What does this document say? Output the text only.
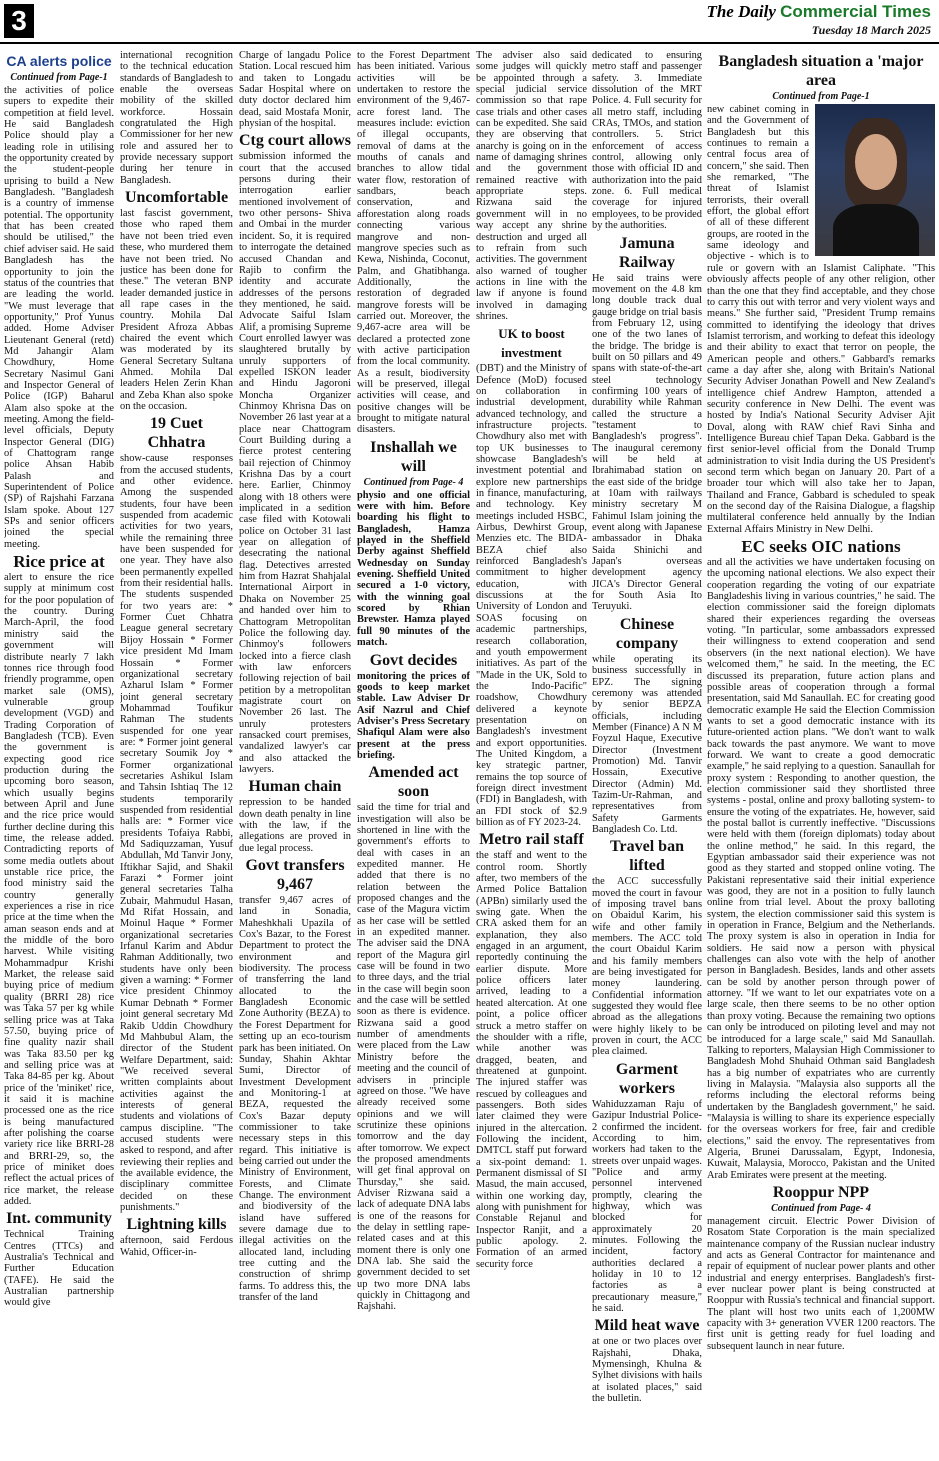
3	The Daily Commercial Times
Tuesday 18 March 2025
CA alerts police
Continued from Page-1

the activities of police supers to expedite their competition at field level. He said Bangladesh Police should play a leading role in utilising the opportunity created by the student-people uprising to build a New Bangladesh. "Bangladesh is a country of immense potential. The opportunity that has been created should be utilised," the chief adviser said. He said Bangladesh has the opportunity to join the status of the countries that are leading the world. "We must leverage that opportunity," Prof Yunus added. Home Adviser Lieutenant General (retd) Md Jahangir Alam Chowdhury, Home Secretary Nasimul Gani and Inspector General of Police (IGP) Baharul Alam also spoke at the meeting. Among the field-level officials, Deputy Inspector General (DIG) of Chattogram range police Ahsan Habib Palash and Superintendent of Police (SP) of Rajshahi Farzana Islam spoke. About 127 SPs and senior officers joined the special meeting.

Rice price at

alert to ensure the rice supply at minimum cost for the poor population of the country. During March-April, the food ministry said the government will distribute nearly 7 lakh tonnes rice through food friendly programme, open market sale (OMS), vulnerable group development (VGD) and Trading Corporation of Bangladesh (TCB). Even the government is expecting good rice production during the upcoming boro season, which usually begins between April and June and the rice price would further decline during this time, the release added. Contradicting reports of some media outlets about unstable rice price, the food ministry said the country generally experiences a rise in rice price at the time when the aman season ends and at the middle of the boro harvest. While visiting Mohammadpur Krishi Market, the release said buying price of medium quality (BRRI 28) rice was Taka 57 per kg while selling price was at Taka 57.50, buying price of fine quality nazir shail was Taka 83.50 per kg and selling price was at Taka 84-85 per kg. About price of the 'miniket' rice, it said it is machine processed one as the rice is being manufactured after polishing the coarse variety rice like BRRI-28 and BRRI-29, so, the price of miniket does reflect the actual prices of rice market, the release added.

Int. community

Technical Training Centres (TTCs) and Australia's Technical and Further Education (TAFE). He said the Australian partnership would give

international recognition to the technical education standards of Bangladesh to enable the overseas mobility of the skilled workforce. Hossain congratulated the High Commissioner for her new role and assured her to provide necessary support during her tenure in Bangladesh.

Uncomfortable

last fascist government, those who raped them have not been tried even these, who murdered them have not been tried. No justice has been done for these." The veteran BNP leader demanded justice in all rape cases in the country. Mohila Dal President Afroza Abbas chaired the event which was moderated by its General Secretary Sultana Ahmed. Mohila Dal leaders Helen Zerin Khan and Zeba Khan also spoke on the occasion.

19 Cuet Chhatra

show-cause responses from the accused students, and other evidence. Among the suspended students, four have been suspended from academic activities for two years, while the remaining three have been suspended for one year. They have also been permanently expelled from their residential halls. The students suspended for two years are: * Former Cuet Chhatra League general secretary Bijoy Hossain * Former vice president Md Imam Hossain * Former organizational secretary Azharul Islam * Former joint general secretary Mohammad Toufikur Rahman The students suspended for one year are: * Former joint general secretary Soumik Joy * Former organizational secretaries Ashikul Islam and Tahsin Ishtiaq The 12 students temporarily suspended from residential halls are: * Former vice presidents Tofaiya Rabbi, Md Sadiquzzaman, Yusuf Abdullah, Md Tanvir Jony, Iftikhar Sajid, and Shakil Farazi * Former joint general secretaries Talha Zubair, Mahmudul Hasan, Md Rifat Hossain, and Moinul Haque * Former organizational secretaries Irfanul Karim and Abdur Rahman Additionally, two students have only been given a warning: * Former vice president Chinmoy Kumar Debnath * Former joint general secretary Md Rakib Uddin Chowdhury Md Mahbubul Alam, the director of the Student Welfare Department, said: "We received several written complaints about activities against the interests of general students and violations of campus discipline. "The accused students were asked to respond, and after reviewing their replies and the available evidence, the disciplinary committee decided on these punishments."

Lightning kills

afternoon, said Ferdous Wahid, Officer-in-

Charge of langadu Police Station. Local rescued him and taken to Longadu Sadar Hospital where on duty doctor declared him dead, said Mostafa Monir, physian of the hospital.

Ctg court allows

submission informed the court that the accused persons during their interrogation earlier mentioned involvement of two other persons- Shiva and Ombai in the murder incident. So, it is required to interrogate the detained accused Chandan and Rajib to confirm the identity and accurate addresses of the persons they mentioned, he said. Advocate Saiful Islam Alif, a promising Supreme Court enrolled lawyer was slaughtered brutally by unruly supporters of expelled ISKON leader and Hindu Jagoroni Moncha Organizer Chinmoy Khrisna Das on November 26 last year at a place near Chattogram Court Building during a fierce protest centering bail rejection of Chinmoy Krishna Das by a court here. Earlier, Chinmoy along with 18 others were implicated in a sedition case filed with Kotowali police on October 31 last year on allegation of desecrating the national flag. Detectives arrested him from Hazrat Shahjalal International Airport in Dhaka on November 25 and handed over him to Chattogram Metropolitan Police the following day. Chinmoy's followers locked into a fierce clash with law enforcers following rejection of bail petition by a metropolitan magistrate court on November 26 last. The unruly protesters ransacked court premises, vandalized lawyer's car and also attacked the lawyers.

Human chain

repression to be handed down death penalty in line with the law, if the allegations are proved in due legal process.

Govt transfers 9,467

transfer 9,467 acres of land in Sonadia, Maheshkhali Upazila of Cox's Bazar, to the Forest Department to protect the environment and biodiversity. The process of transferring the land allocated to the Bangladesh Economic Zone Authority (BEZA) to the Forest Department for setting up an eco-tourism park has been initiated. On Sunday, Shahin Akhtar Sumi, Director of Investment Development and Monitoring-1 at BEZA, requested the Cox's Bazar deputy commissioner to take necessary steps in this regard. This initiative is being carried out under the Ministry of Environment, Forests, and Climate Change. The environment and biodiversity of the island have suffered severe damage due to illegal activities on the allocated land, including tree cutting and the construction of shrimp farms. To address this, the transfer of the land

to the Forest Department has been initiated. Various activities will be undertaken to restore the environment of the 9,467-acre forest land. The measures include: eviction of illegal occupants, removal of dams at the mouths of canals and branches to allow tidal water flow, restoration of sandbars, beach conservation, and afforestation along roads connecting various mangrove and non-mangrove species such as Kewa, Nishinda, Coconut, Palm, and Ghatibhanga. Additionally, the restoration of degraded mangrove forests will be carried out. Moreover, the 9,467-acre area will be declared a protected zone with active participation from the local community. As a result, biodiversity will be preserved, illegal activities will cease, and positive changes will be brought to mitigate natural disasters.

Inshallah we will
Continued from Page- 4

physio and one official were with him. Before boarding his flight to Bangladesh, Hamza played in the Sheffield Derby against Sheffield Wednesday on Sunday evening. Sheffield United secured a 1-0 victory, with the winning goal scored by Rhian Brewster. Hamza played full 90 minutes of the match.

Govt decides

monitoring the prices of goods to keep market stable. Law Adviser Dr Asif Nazrul and Chief Adviser's Press Secretary Shafiqul Alam were also present at the press briefing.

Amended act soon

said the time for trial and investigation will also be shortened in line with the government's efforts to deal with cases in an expedited manner. He added that there is no relation between the proposed changes and the case of the Magura victim as her case will be settled in an expedited manner. The adviser said the DNA report of the Magura girl case will be found in two to three days, and the trial in the case will begin soon and the case will be settled soon as there is evidence. Rizwana said a good number of amendments were placed from the Law Ministry before the meeting and the council of advisers in principle agreed on those. "We have already received some opinions and we will scrutinize these opinions tomorrow and the day after tomorrow. We expect the proposed amendments will get final approval on Thursday," she said. Adviser Rizwana said a lack of adequate DNA labs is one of the reasons for the delay in settling rape-related cases and at this moment there is only one DNA lab. She said the government decided to set up two more DNA labs quickly in Chittagong and Rajshahi.

The adviser also said some judges will quickly be appointed through a special judicial service commission so that rape case trials and other cases can be expedited. She said they are observing that anarchy is going on in the name of damaging shrines and the government remained reactive with appropriate steps. Rizwana said the government will in no way accept any shrine destruction and urged all to refrain from such activities. The government also warned of tougher actions in line with the law if anyone is found involved in damaging shrines.

UK to boost investment

(DBT) and the Ministry of Defence (MoD) focused on collaboration in industrial development, advanced technology, and infrastructure projects. Chowdhury also met with top UK businesses to showcase Bangladesh's investment potential and explore new partnerships in finance, manufacturing, and technology. Key meetings included HSBC, Airbus, Dewhirst Group, Menzies etc. The BIDA-BEZA chief also reinforced Bangladesh's commitment to higher education, with discussions at the University of London and SOAS focusing on academic partnerships, research collaboration, and youth empowerment initiatives. As part of the "Made in the UK, Sold to the Indo-Pacific" roadshow, Chowdhury delivered a keynote presentation on Bangladesh's investment and export opportunities. The United Kingdom, a key strategic partner, remains the top source of foreign direct investment (FDI) in Bangladesh, with an FDI stock of $2.9 billion as of FY 2023-24.

Metro rail staff

the staff and went to the control room. Shortly after, two members of the Armed Police Battalion (APBn) similarly used the swing gate. When the CRA asked them for an explanation, they also engaged in an argument, reportedly continuing the earlier dispute. More police officers later arrived, leading to a heated altercation. At one point, a police officer struck a metro staffer on the shoulder with a rifle, while another was dragged, beaten, and threatened at gunpoint. The injured staffer was rescued by colleagues and passengers. Both sides later claimed they were injured in the altercation. Following the incident, DMTCL staff put forward a six-point demand: 1. Permanent dismissal of SI Masud, the main accused, within one working day, along with punishment for Constable Rejanul and Inspector Ranjit, and a public apology. 2. Formation of an armed security force

dedicated to ensuring metro staff and passenger safety. 3. Immediate dissolution of the MRT Police. 4. Full security for all metro staff, including CRAs, TMOs, and station controllers. 5. Strict enforcement of access control, allowing only those with official ID and authorization into the paid zone. 6. Full medical coverage for injured employees, to be provided by the authorities.

Jamuna Railway

He said trains were movement on the 4.8 km long double track dual gauge bridge on trial basis from February 12, using one of the two lanes of the bridge. The bridge is built on 50 pillars and 49 spans with state-of-the-art steel technology confirming 100 years of durability while Rahman called the structure a "testament to Bangladesh's progress". The inaugural ceremony will be held at Ibrahimabad station on the east side of the bridge at 10am with railways ministry secretary M Fahimul Islam joining the event along with Japanese ambassador in Dhaka Saida Shinichi and Japan's overseas development agency JICA's Director General for South Asia Ito Teruyuki.

Chinese company

while operating its business successfully in EPZ. The signing ceremony was attended by senior BEPZA officials, including Member (Finance) A N M Foyzul Haque, Executive Director (Investment Promotion) Md. Tanvir Hossain, Executive Director (Admin) Md. Tazim-Ur-Rahman, and representatives from Safety Garments Bangladesh Co. Ltd.

Travel ban lifted

the ACC successfully moved the court in favour of imposing travel bans on Obaidul Karim, his wife and other family members. The ACC told the court Obaidul Karim and his family members are being investigated for money laundering. Confidential information suggested they would flee abroad as the allegations were highly likely to be proven in court, the ACC plea claimed.

Garment workers

Wahiduzzaman Raju of Gazipur Industrial Police-2 confirmed the incident. According to him, workers had taken to the streets over unpaid wages. "Police and army personnel intervened promptly, clearing the highway, which was blocked for approximately 20 minutes. Following the incident, factory authorities declared a holiday in 10 to 12 factories as a precautionary measure," he said.

Mild heat wave

at one or two places over Rajshahi, Dhaka, Mymensingh, Khulna & Sylhet divisions with hails at isolated places," said the bulletin.

Bangladesh situation a 'major area
Continued from Page-1

new cabinet coming in and the Government of Bangladesh but this continues to remain a central focus area of concern," she said. Then she remarked, "The threat of Islamist terrorists, their overall effort, the global effort of all of these different groups, are rooted in the same ideology and objective - which is to rule or govern with an Islamist Caliphate. "This obviously affects people of any other religion, other than the one that they find acceptable, and they chose to carry this out with terror and very violent ways and means." She further said, "President Trump remains committed to identifying the ideology that drives Islamist terrorism, and working to defeat this ideology and their ability to exact that terror on people, the American people and others." Gabbard's remarks came a day after she, along with Britain's National Security Adviser Jonathan Powell and New Zealand's intelligence chief Andrew Hampton, attended a security conference in New Delhi. The event was hosted by India's National Security Adviser Ajit Doval, along with RAW chief Ravi Sinha and Intelligence Bureau chief Tapan Deka. Gabbard is the first senior-level official from the Donald Trump administration to visit India during the US President's second term which began on January 20. Part of a broader tour which will also take her to Japan, Thailand and France, Gabbard is scheduled to speak on the second day of the Raisina Dialogue, a flagship multilateral conference held annually by the Indian External Affairs Ministry in New Delhi.

EC seeks OIC nations

and all the activities we have undertaken focusing on the upcoming national elections. We also expect their cooperation regarding the voting of our expatriate Bangladeshis living in various countries," he said. The election commissioner said the foreign diplomats shared their experiences regarding the overseas voting. "In particular, some ambassadors expressed their willingness to extend cooperation and send observers (in the next national election). We have welcomed them," he said. In the meeting, the EC discussed its preparation, future action plans and possible areas of cooperation through a formal presentation, said Md Sanaullah. EC for creating good democratic example He said the Election Commission wants to set a good democratic instance with its future-oriented action plans. "We don't want to walk back towards the past anymore. We want to move forward. We want to create a good democratic example," he said replying to a question. Sanaullah for proxy system : Responding to another question, the election commissioner said they shortlisted three systems - postal, online and proxy balloting system- to ensure the voting of the expatriates. He, however, said the postal ballot is currently ineffective. "Discussions were held with them (foreign diplomats) today about the online method," he said. In this regard, the Egyptian ambassador said their experience was not good as they started and stopped online voting. The Pakistani representative said their initial experience was good, they are not in a position to fully launch online from trial level. About the proxy balloting system, the election commissioner said this system is in operation in France, Belgium and the Netherlands. The proxy system is also in operation in India for soldiers. He said now a person with physical challenges can also vote with the help of another person in Bangladesh. Besides, lands and other assets can be sold by another person through power of attorney. "If we want to let our expatriates vote on a large scale, then there seems to be no other option than proxy voting. Because the remaining two options can only be introduced on piloting level and may not be introduced for a large scale," said Md Sanaullah. Talking to reporters, Malaysian High Commissioner to Bangladesh Mohd Shuhaid Othman said Bangladesh has a big number of expatriates who are currently living in Malaysia. "Malaysia also supports all the reforms including the electoral reforms being undertaken by the Bangladesh government," he said. "Malaysia is willing to share its experience especially for the overseas workers for free, fair and credible elections," said the envoy. The representatives from Algeria, Brunei Darussalam, Egypt, Indonesia, Kuwait, Malaysia, Morocco, Pakistan and the United Arab Emirates were present at the meeting.

Rooppur NPP
Continued from Page- 4

management circuit. Electric Power Division of Rosatom State Corporation is the main specialized maintenance company of the Russian nuclear industry and acts as General Contractor for maintenance and repair of equipment of nuclear power plants and other industrial and energy enterprises. Bangladesh's first-ever nuclear power plant is being constructed at Rooppur with Russia's technical and financial support. The plant will host two units each of 1,200MW capacity with 3+ generation VVER 1200 reactors. The first unit is getting ready for fuel loading and subsequent launch in near future.
